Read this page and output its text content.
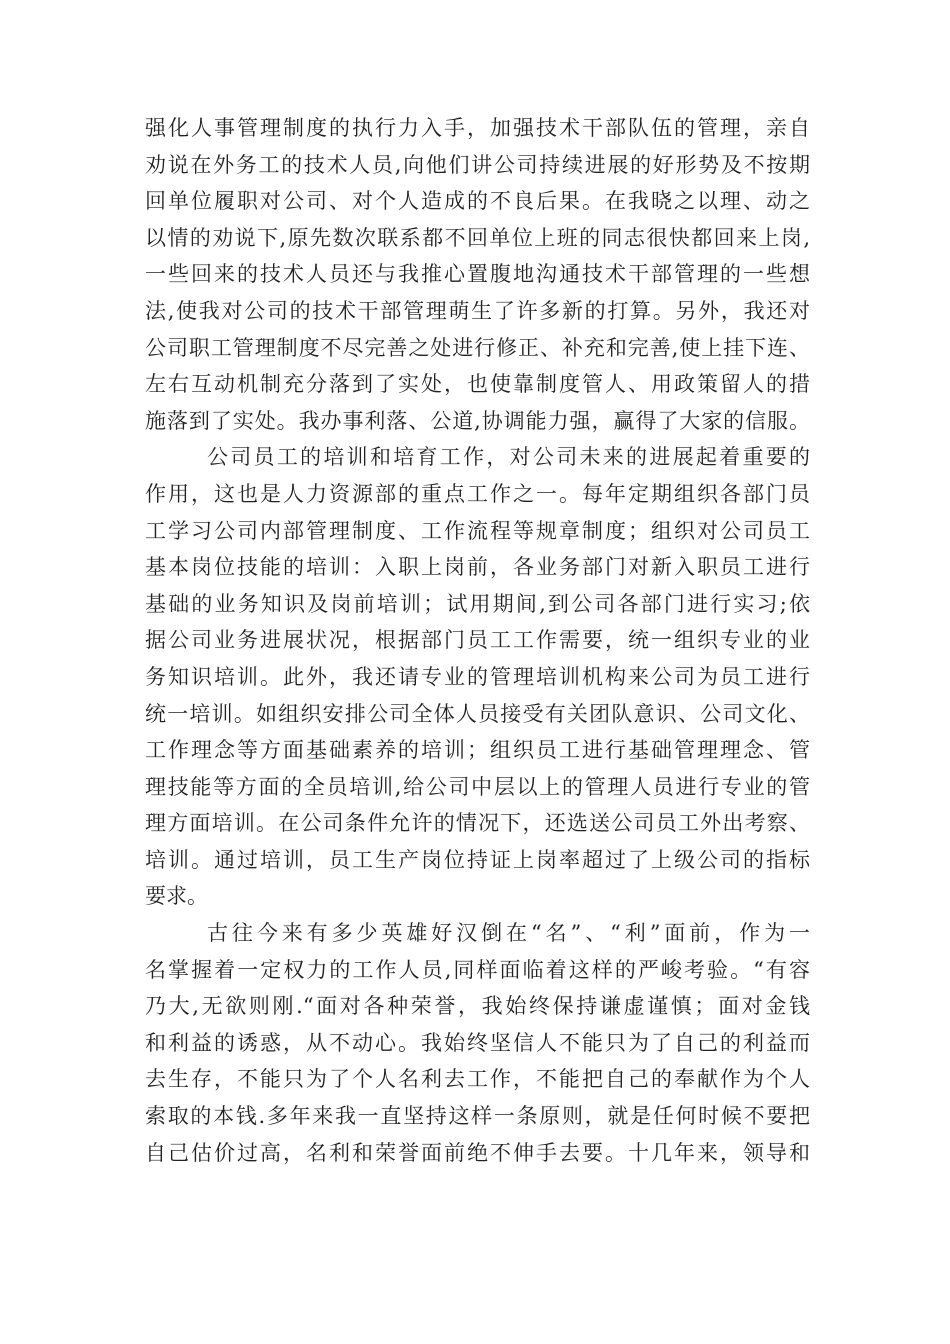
强化人事管理制度的执行力入手，加强技术干部队伍的管理，亲自
劝说在外务工的技术人员,向他们讲公司持续进展的好形势及不按期
回单位履职对公司、对个人造成的不良后果。在我晓之以理、动之
以情的劝说下,原先数次联系都不回单位上班的同志很快都回来上岗,
一些回来的技术人员还与我推心置腹地沟通技术干部管理的一些想
法,使我对公司的技术干部管理萌生了许多新的打算。另外，我还对
公司职工管理制度不尽完善之处进行修正、补充和完善,使上挂下连、
左右互动机制充分落到了实处，也使靠制度管人、用政策留人的措
施落到了实处。我办事利落、公道,协调能力强，赢得了大家的信服。
公司员工的培训和培育工作，对公司未来的进展起着重要的
作用，这也是人力资源部的重点工作之一。每年定期组织各部门员
工学习公司内部管理制度、工作流程等规章制度；组织对公司员工
基本岗位技能的培训：入职上岗前，各业务部门对新入职员工进行
基础的业务知识及岗前培训；试用期间,到公司各部门进行实习;依
据公司业务进展状况，根据部门员工工作需要，统一组织专业的业
务知识培训。此外，我还请专业的管理培训机构来公司为员工进行
统一培训。如组织安排公司全体人员接受有关团队意识、公司文化、
工作理念等方面基础素养的培训；组织员工进行基础管理理念、管
理技能等方面的全员培训,给公司中层以上的管理人员进行专业的管
理方面培训。在公司条件允许的情况下，还选送公司员工外出考察、
培训。通过培训，员工生产岗位持证上岗率超过了上级公司的指标
要求。
古往今来有多少英雄好汉倒在“名”、“利”面前，作为一
名掌握着一定权力的工作人员,同样面临着这样的严峻考验。“有容
乃大,无欲则刚.“面对各种荣誉，我始终保持谦虚谨慎；面对金钱
和利益的诱惑，从不动心。我始终坚信人不能只为了自己的利益而
去生存，不能只为了个人名利去工作，不能把自己的奉献作为个人
索取的本钱.多年来我一直坚持这样一条原则，就是任何时候不要把
自己估价过高，名利和荣誉面前绝不伸手去要。十几年来，领导和
